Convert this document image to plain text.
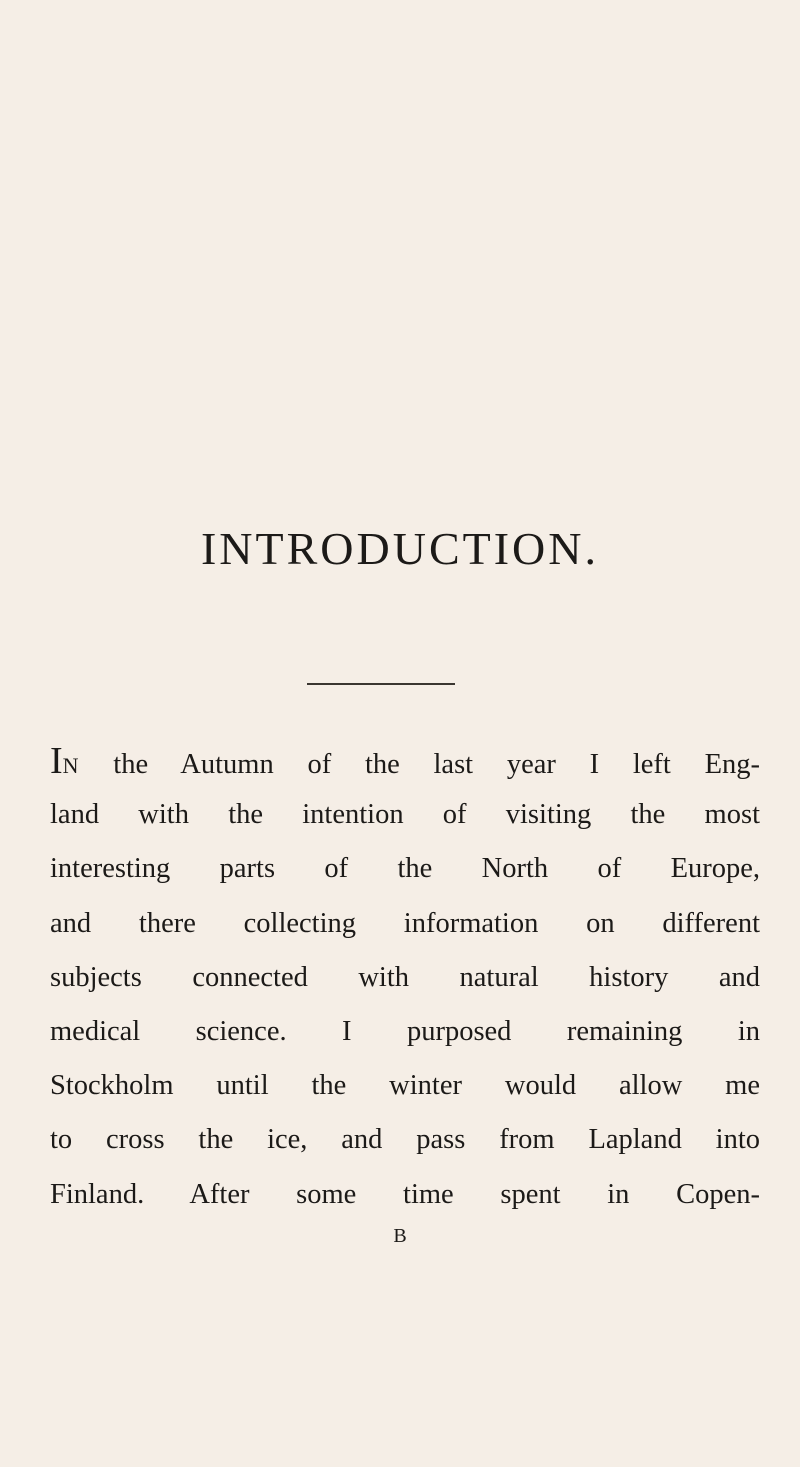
INTRODUCTION.
IN the Autumn of the last year I left Eng-
land with the intention of visiting the most
interesting parts of the North of Europe,
and there collecting information on different
subjects connected with natural history and
medical science. I purposed remaining in
Stockholm until the winter would allow me
to cross the ice, and pass from Lapland into
Finland. After some time spent in Copen-
B
